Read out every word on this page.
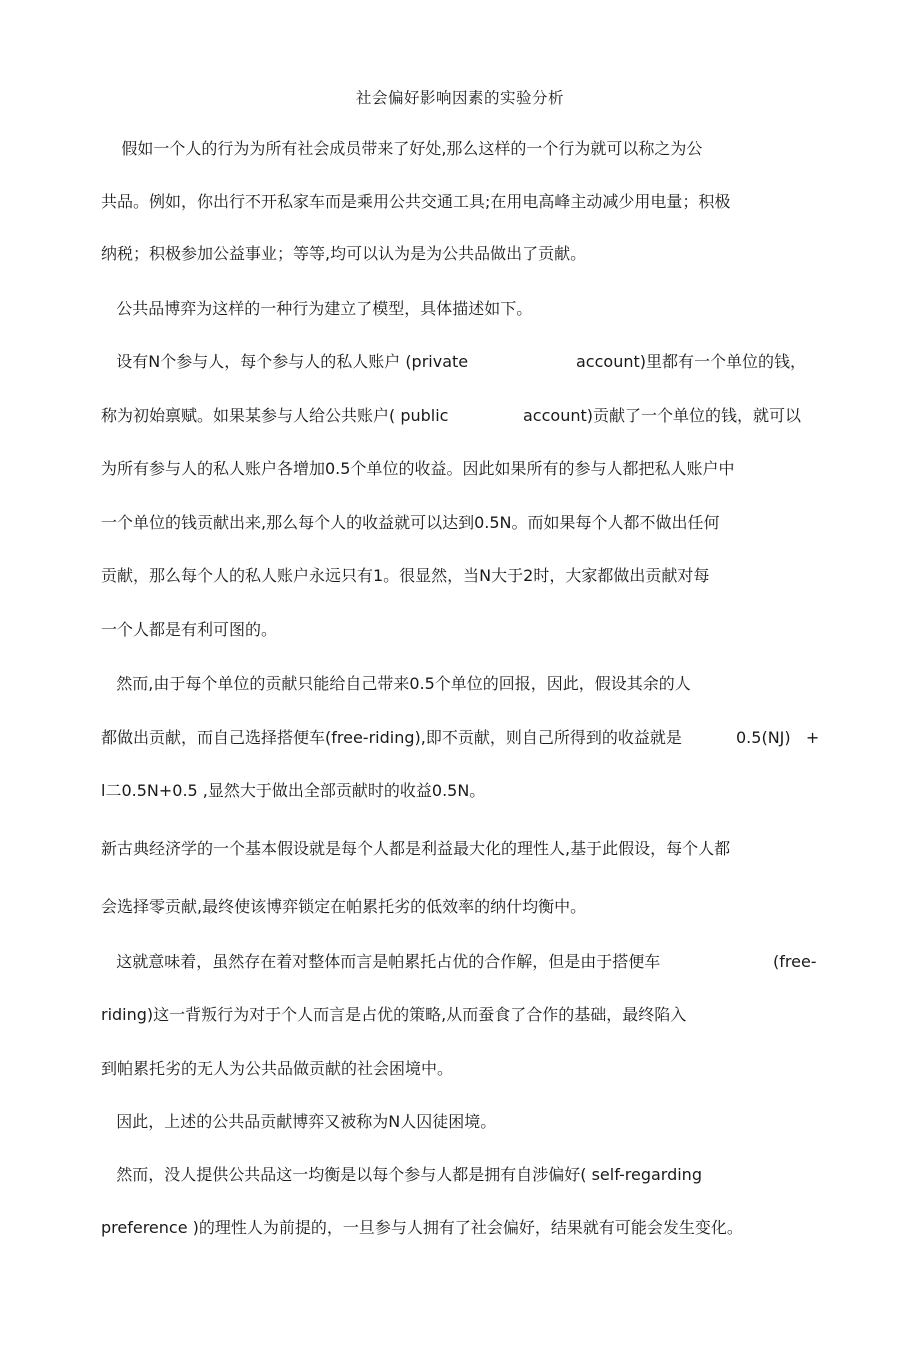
社会偏好影响因素的实验分析
假如一个人的行为为所有社会成员带来了好处,那么这样的一个行为就可以称之为公
共品。例如，你出行不开私家车而是乘用公共交通工具;在用电高峰主动减少用电量；积极
纳税；积极参加公益事业；等等,均可以认为是为公共品做出了贡献。
公共品博弈为这样的一种行为建立了模型，具体描述如下。
设有N个参与人，每个参与人的私人账户 (private	account)里都有一个单位的钱，
称为初始禀赋。如果某参与人给公共账户( public	account)贡献了一个单位的钱，就可以
为所有参与人的私人账户各增加0.5个单位的收益。因此如果所有的参与人都把私人账户中
一个单位的钱贡献出来,那么每个人的收益就可以达到0.5N。而如果每个人都不做出任何
贡献，那么每个人的私人账户永远只有1。很显然，当N大于2时，大家都做出贡献对每
一个人都是有利可图的。
然而,由于每个单位的贡献只能给自己带来0.5个单位的回报，因此，假设其余的人
都做出贡献，而自己选择搭便车(free-riding),即不贡献，则自己所得到的收益就是	0.5(NJ)   +
l二0.5N+0.5 ,显然大于做出全部贡献时的收益0.5N。
新古典经济学的一个基本假设就是每个人都是利益最大化的理性人,基于此假设，每个人都
会选择零贡献,最终使该博弈锁定在帕累托劣的低效率的纳什均衡中。
这就意味着，虽然存在着对整体而言是帕累托占优的合作解，但是由于搭便车	(free-
riding)这一背叛行为对于个人而言是占优的策略,从而蚕食了合作的基础，最终陷入
到帕累托劣的无人为公共品做贡献的社会困境中。
因此，上述的公共品贡献博弈又被称为N人囚徒困境。
然而，没人提供公共品这一均衡是以每个参与人都是拥有自涉偏好( self-regarding
preference )的理性人为前提的，一旦参与人拥有了社会偏好，结果就有可能会发生变化。
